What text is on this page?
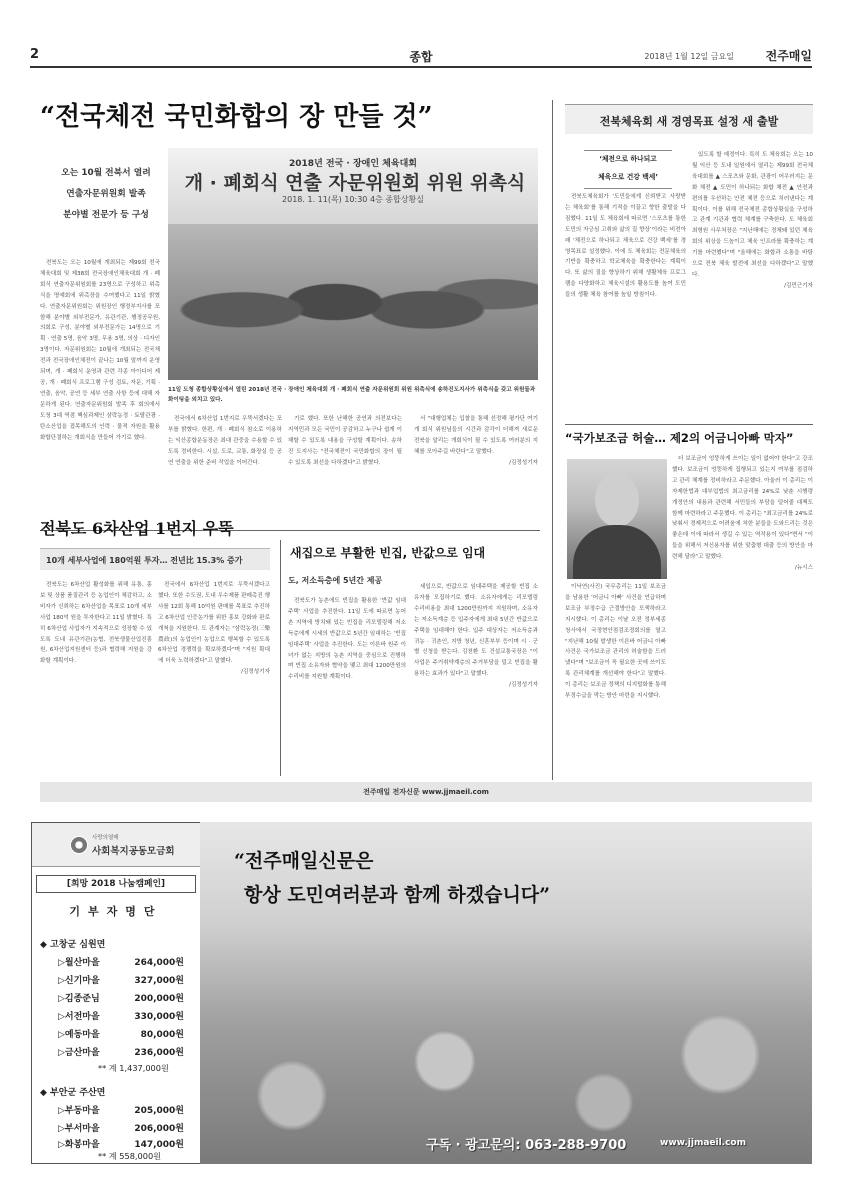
2	종합	2018년 1월 12일 금요일	전주매일
“전국체전 국민화합의 장 만들 것”
오는 10월 전북서 열려
연출자문위원회 발족
분야별 전문가 등 구성
2018년 전국 · 장애인 체육대회
개 · 폐회식 연출 자문위원회 위원 위촉식
2018. 1. 11(목) 10:30 4층 종합상황실
11일 도청 종합상황실에서 열린 2018년 전국 · 장애인 체육대회 개 · 폐회식 연출 자문위원회 위원 위촉식에 송하진도지사가 위촉식을 갖고 위원들과 화이팅을 외치고 있다.

전북도는 오는 10월에 개최되는 제99회 전국체육대회 및 제38회 전국장애인체육대회 개 · 폐회식 연출자문위원회를 23명으로 구성하고 위촉식을 명예회에 위촉장을 수여했다고 11일 밝혔다. 연출자문위원회는 위원장인 행정부지사를 포함해 분야별 외부전문가, 유관기관, 행정공무원, 의회로 구성, 분야별 외부전문가는 14명으로 기획 · 연출 5명, 음악 3명, 무용 3명, 의상 · 디자인 3명이다. 자문위원회는 10월에 개최되는 전국체전과 전국장애인체전이 끝나는 10월 말까지 운영되며, 개 · 폐회식 운영과 관련 각종 아이디어 제공, 개 · 폐회식 프로그램 구성 검토, 자문, 기획 · 연출, 음악, 공연 등 세부 연출 사항 등에 대해 자문하게 된다. 연출자문위원회 발족 후 회의에서 도청 3대 역점 핵심과제인 삼락농정 · 토탈관광 · 탄소산업을 접목해도의 인력 · 물적 자원을 활용 화합단결하는 개회식을 만들어 가기로 했다.

전국에서 6차산업 1번지로 우뚝서겠다는 포부를 밝혔다. 한편, 개 · 폐회식 참소로 이용하는 익산종합운동장은 최대 관중을 수용할 수 있도록 정비한다. 시설, 도로, 교통, 화장실 등 공연 연출을 위한 준비 작업을 이어간다.

기로 했다. 또한 난해한 공연과 의전보다는 지역민과 모든 국민이 공감하고 누구나 쉽게 이해할 수 있도록 내용을 구성할 계획이다. 송하진 도지사는 "전국체전이 국민화합의 장이 될 수 있도록 최선을 다하겠다"고 밝혔다.

서 "대행업체는 입찰을 통해 선정해 평가단 여기 개 회식 위원님들의 시간과 감각이 더해져 새로운 전북을 알리는 개회식이 될 수 있도록 여러분의 지혜를 모아주길 바란다"고 말했다.

/김정성기자

전북체육회 새 경영목표 설정 새 출발
‘체전으로 하나되고
체육으로 건강 백세’

전북도체육회가 ‘도민들에게 신뢰받고 사랑받는 체육회’를 통해 기적을 이끌고 향한 출발을 다짐했다. 11일 도 체육회에 따르면 ‘스포츠를 통한 도민의 자긍심 고취와 삶의 질 향상’이라는 비전아래 ‘체전으로 하나되고 체육으로 건강 백세’를 경영목표로 설정했다. 이에 도 체육회는 전문체육의 기반을 확충하고 학교체육을 확충한다는 계획이다. 또 삶의 질을 향상하기 위해 생활체육 프로그램을 다양화하고 체육시설의 활용도를 높여 도민들의 생활 체육 참여를 높일 방침이다.

있도록 할 예정이다. 특히 도 체육회는 오는 10월 익산 등 도내 일원에서 열리는 제99회 전국체육대회를 ▲ 스포츠와 문화, 관광이 어우러지는 문화 체전 ▲ 도민이 하나되는 화합 체전 ▲ 안전과 편의를 우선하는 안전 체전 등으로 치러낸다는 계획이다. 이를 위해 전국체전 종합상황실을 구성하고 관계 기관과 협력 체계를 구축한다. 도 체육회 최형원 사무처장은 "지난해에는 정체돼 있던 체육회의 위상을 드높이고 체육 인프라를 확충하는 계기를 마련했다"며 "올해에는 화합과 소통을 바탕으로 전북 체육 발전에 최선을 다하겠다"고 말했다.

/김민근기자

“국가보조금 허술… 제2의 어금니아빠 막자”

더 보조금이 엉뚱하게 쓰이는 일이 없어야 한다"고 강조했다. 보조금이 엉뚱하게 집행되고 있는지 여부를 점검하고 관리 체계를 정비하라고 주문했다. 아울러 이 총리는 이자제한법과 대부업법의 최고금리를 24%로 낮춘 시행령 개정안의 내용과 관련해 서민들의 부담을 덜어줄 대책도 함께 마련하라고 주문했다. 이 총리는 "최고금리를 24%로 낮춰서 경제적으로 어려움에 처한 분들을 도와드리는 것은 좋은데 이에 따라서 생길 수 있는 역작용이 있다"면서 "이들을 위해서 저신용자를 위한 맞춤형 대출 등의 방안을 마련해 달라"고 말했다.

/뉴시스

이낙연(사진) 국무총리는 11일 보조금을 남용한 ‘어금니 아빠’ 사건을 언급하며 보조금 부정수급 근절방안을 모색하라고 지시했다. 이 총리는 이날 오전 정부세종청사에서 국정현안점검조정회의를 열고 "지난해 10월 발생한 이른바 어금니 아빠 사건은 국가보조금 관리의 허술함을 드러냈다"며 "보조금이 꼭 필요한 곳에 쓰이도록 관리체계를 개선해야 한다"고 말했다. 이 총리는 보조금 정책의 디지털화를 통해 부정수급을 막는 방안 마련을 지시했다.

전북도 6차산업 1번지 우뚝
10개 세부사업에 180억원 투자… 전년比 15.3% 증가

전북도는 6차산업 활성화를 위해 유통, 홍보 및 상품 품질관리 등 농업인이 체감하고, 소비자가 신뢰하는 6차산업을 목표로 10개 세부사업 180억 원을 투자한다고 11일 밝혔다. 특히 6차산업 사업자가 지속적으로 성장할 수 있도록 도내 유관기관(농협, 전북생물산업진흥원, 6차산업지원센터 등)과 협력해 지원을 강화할 계획이다.

전국에서 6차산업 1번지로 우뚝서겠다고 했다. 또한 수도권, 도내 우수제품 판매촉진 행사를 12회 통해 10억원 판매를 목표로 추진하고 6차산업 인증농가를 위한 홍보 강화와 판로 개척을 지원한다. 도 관계자는 "삼락농정(三樂農政)의 농업인이 농업으로 행복할 수 있도록 6차산업 경쟁력을 확보하겠다"며 "지원 확대에 더욱 노력하겠다"고 말했다.

/김정성기자

새집으로 부활한 빈집, 반값으로 임대
도, 저소득층에 5년간 제공

전북도가 농촌에도 빈집을 활용한 ‘반값 임대주택’ 사업을 추진한다. 11일 도에 따르면 농어촌 지역에 방치돼 있는 빈집을 리모델링해 저소득층에게 시세의 반값으로 5년간 임대하는 ‘빈집 임대주택’ 사업을 추진한다. 도는 이른바 원주 이녀가 없는 지방의 농촌 지역을 중심으로 진행하며 빈집 소유자와 협약을 맺고 최대 1200만원의 수리비를 지원할 계획이다.

세입으로, 반값으로 임대주택을 제공할 빈집 소유자를 모집하기로 했다. 소유자에게는 리모델링 수리비용을 최대 1200만원까지 지원하며, 소유자는 저소득계층 등 입주자에게 최대 5년간 반값으로 주택을 임대해야 한다. 입주 대상자는 저소득층과 귀농 · 귀촌인, 지방 청년, 신혼부부 등이며 시 · 군별 신청을 받는다. 김천환 도 건설교통국장은 "이 사업은 주거취약계층의 주거부담을 덜고 빈집을 활용하는 효과가 있다"고 말했다.

/김정성기자

전주매일 전자신문 www.jjmaeil.com
사랑의열매
사회복지공동모금회
[희망 2018 나눔캠페인]
기부자명단
◆ 고창군 심원면
▷월산마을	264,000원
▷신기마을	327,000원
▷김종준님	200,000원
▷서전마을	330,000원
▷예동마을	80,000원
▷금산마을	236,000원
** 계 1,437,000원
◆ 부안군 주산면
▷부동마을	205,000원
▷부서마을	206,000원
▷화봉마을	147,000원
** 계 558,000원
“전주매일신문은
항상 도민여러분과 함께 하겠습니다”
구독 · 광고문의: 063-288-9700	www.jjmaeil.com
